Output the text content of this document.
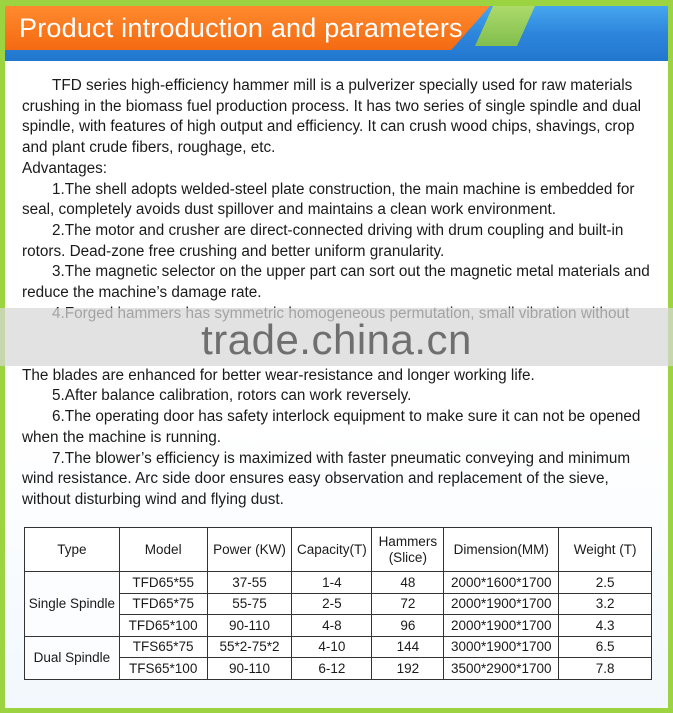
Product introduction and parameters

TFD series high-efficiency hammer mill is a pulverizer specially used for raw materials crushing in the biomass fuel production process. It has two series of single spindle and dual spindle, with features of high output and efficiency. It can crush wood chips, shavings, crop and plant crude fibers, roughage, etc.

Advantages:

1.The shell adopts welded-steel plate construction, the main machine is embedded for seal, completely avoids dust spillover and maintains a clean work environment.

2.The motor and crusher are direct-connected driving with drum coupling and built-in rotors. Dead-zone free crushing and better uniform granularity.

3.The magnetic selector on the upper part can sort out the magnetic metal materials and reduce the machine’s damage rate.

The blades are enhanced for better wear-resistance and longer working life.

5.After balance calibration, rotors can work reversely.

6.The operating door has safety interlock equipment to make sure it can not be opened when the machine is running.

7.The blower’s efficiency is maximized with faster pneumatic conveying and minimum wind resistance. Arc side door ensures easy observation and replacement of the sieve, without disturbing wind and flying dust.

trade.china.cn
Type	Model	Power (KW)	Capacity(T)	Hammers (Slice)	Dimension(MM)	Weight (T)
Single Spindle	TFD65*55	37-55	1-4	48	2000*1600*1700	2.5
	TFD65*75	55-75	2-5	72	2000*1900*1700	3.2
	TFD65*100	90-110	4-8	96	2000*1900*1700	4.3
Dual Spindle	TFS65*75	55*2-75*2	4-10	144	3000*1900*1700	6.5
	TFS65*100	90-110	6-12	192	3500*2900*1700	7.8
